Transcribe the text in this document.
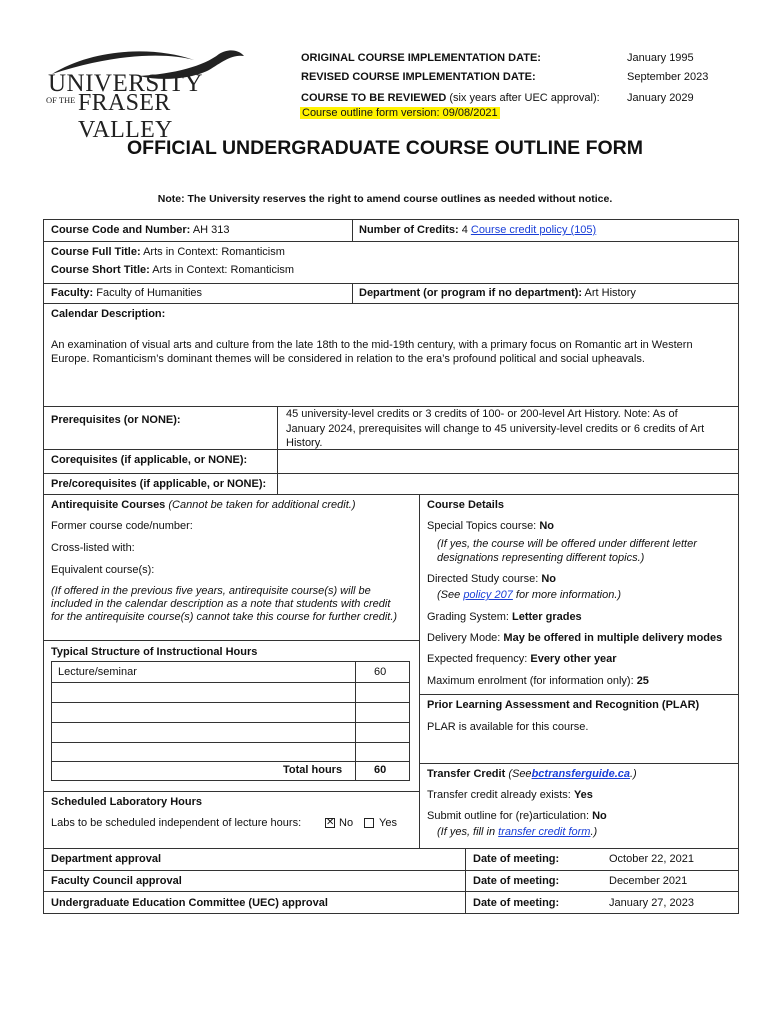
UNIVERSITY
OF THE FRASER VALLEY
ORIGINAL COURSE IMPLEMENTATION DATE:	January 1995
REVISED COURSE IMPLEMENTATION DATE:	September 2023
COURSE TO BE REVIEWED (six years after UEC approval): January 2029
Course outline form version: 09/08/2021
OFFICIAL UNDERGRADUATE COURSE OUTLINE FORM
Note: The University reserves the right to amend course outlines as needed without notice.
Course Code and Number: AH 313	Number of Credits: 4 Course credit policy (105)
Course Full Title: Arts in Context: Romanticism
Course Short Title: Arts in Context: Romanticism
Faculty: Faculty of Humanities	Department (or program if no department): Art History
Calendar Description:
An examination of visual arts and culture from the late 18th to the mid-19th century, with a primary focus on Romantic art in Western
Europe. Romanticism’s dominant themes will be considered in relation to the era’s profound political and social upheavals.
Prerequisites (or NONE):	45 university-level credits or 3 credits of 100- or 200-level Art History. Note: As of
January 2024, prerequisites will change to 45 university-level credits or 6 credits of Art
History.
Corequisites (if applicable, or NONE):
Pre/corequisites (if applicable, or NONE):
Antirequisite Courses (Cannot be taken for additional credit.)
Former course code/number:
Cross-listed with:
Equivalent course(s):
(If offered in the previous five years, antirequisite course(s) will be
included in the calendar description as a note that students with credit
for the antirequisite course(s) cannot take this course for further credit.)
Typical Structure of Instructional Hours
Lecture/seminar	60
Total hours	60
Scheduled Laboratory Hours
Labs to be scheduled independent of lecture hours: ✕ No Yes
Course Details
Special Topics course: No
(If yes, the course will be offered under different letter
designations representing different topics.)
Directed Study course: No
(See policy 207 for more information.)
Grading System: Letter grades
Delivery Mode: May be offered in multiple delivery modes
Expected frequency: Every other year
Maximum enrolment (for information only): 25
Prior Learning Assessment and Recognition (PLAR)
PLAR is available for this course.
Transfer Credit (Seebctransferguide.ca.)
Transfer credit already exists: Yes
Submit outline for (re)articulation: No
(If yes, fill in transfer credit form.)
Department approval	Date of meeting:	October 22, 2021
Faculty Council approval	Date of meeting:	December 2021
Undergraduate Education Committee (UEC) approval	Date of meeting:	January 27, 2023
